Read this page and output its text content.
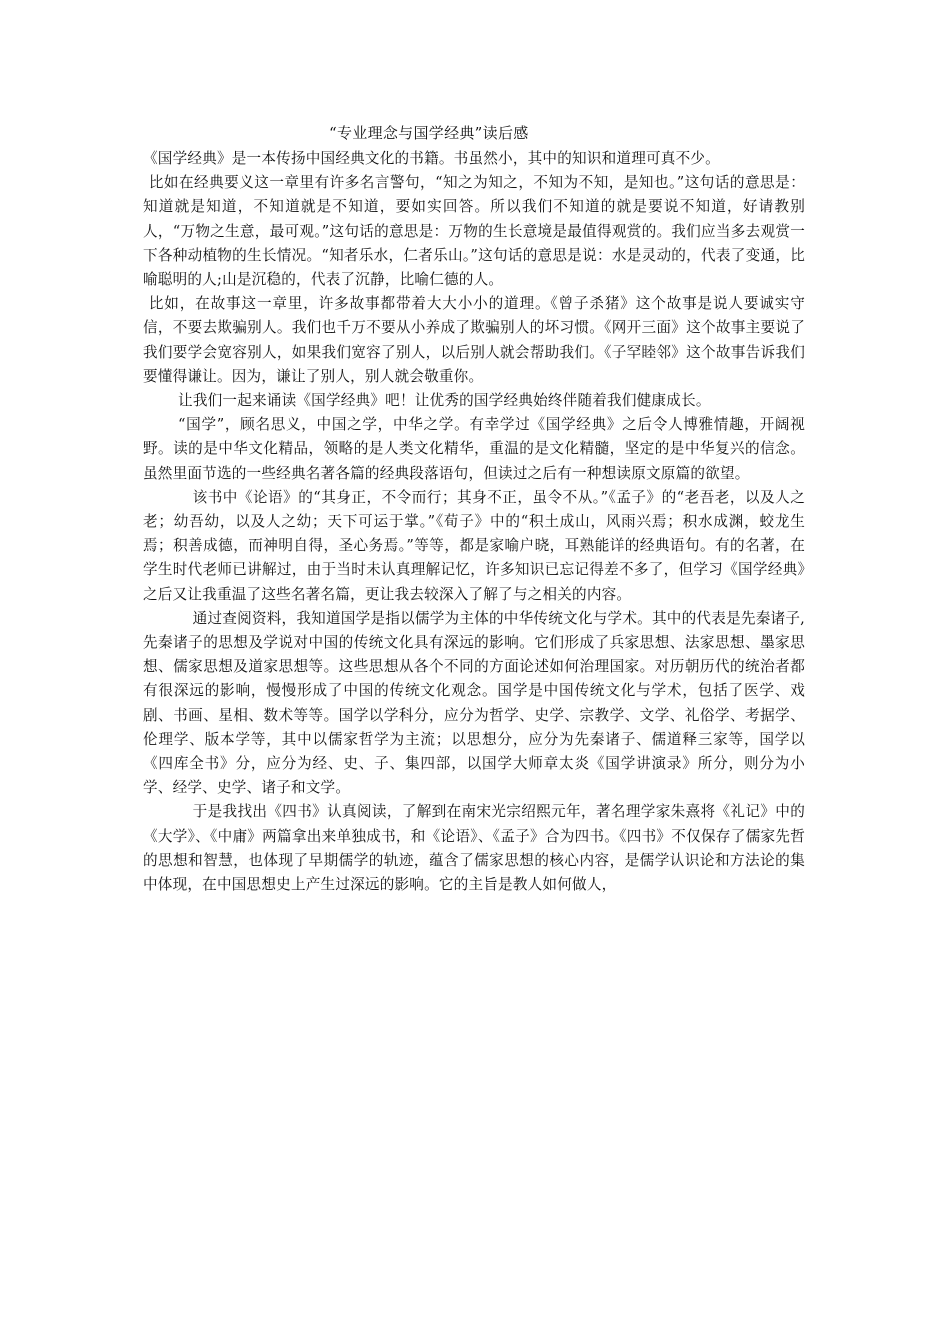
“专业理念与国学经典”读后感

《国学经典》是一本传扬中国经典文化的书籍。书虽然小，其中的知识和道理可真不少。

比如在经典要义这一章里有许多名言警句，“知之为知之，不知为不知，是知也。”这句话的意思是：知道就是知道，不知道就是不知道，要如实回答。所以我们不知道的就是要说不知道，好请教别人，“万物之生意，最可观。”这句话的意思是：万物的生长意境是最值得观赏的。我们应当多去观赏一下各种动植物的生长情况。“知者乐水，仁者乐山。”这句话的意思是说：水是灵动的，代表了变通，比喻聪明的人;山是沉稳的，代表了沉静，比喻仁德的人。

比如，在故事这一章里，许多故事都带着大大小小的道理。《曾子杀猪》这个故事是说人要诚实守信，不要去欺骗别人。我们也千万不要从小养成了欺骗别人的坏习惯。《网开三面》这个故事主要说了我们要学会宽容别人，如果我们宽容了别人，以后别人就会帮助我们。《子罕睦邻》这个故事告诉我们要懂得谦让。因为，谦让了别人，别人就会敬重你。

让我们一起来诵读《国学经典》吧！让优秀的国学经典始终伴随着我们健康成长。

“国学”，顾名思义，中国之学，中华之学。有幸学过《国学经典》之后令人博雅情趣，开阔视野。读的是中华文化精品，领略的是人类文化精华，重温的是文化精髓，坚定的是中华复兴的信念。虽然里面节选的一些经典名著各篇的经典段落语句，但读过之后有一种想读原文原篇的欲望。

该书中《论语》的“其身正，不令而行；其身不正，虽令不从。”《孟子》的“老吾老，以及人之老；幼吾幼，以及人之幼；天下可运于掌。”《荀子》中的“积土成山，风雨兴焉；积水成渊，蛟龙生焉；积善成德，而神明自得，圣心务焉。”等等，都是家喻户晓，耳熟能详的经典语句。有的名著，在学生时代老师已讲解过，由于当时未认真理解记忆，许多知识已忘记得差不多了，但学习《国学经典》之后又让我重温了这些名著名篇，更让我去较深入了解了与之相关的内容。

通过查阅资料，我知道国学是指以儒学为主体的中华传统文化与学术。其中的代表是先秦诸子,先秦诸子的思想及学说对中国的传统文化具有深远的影响。它们形成了兵家思想、法家思想、墨家思想、儒家思想及道家思想等。这些思想从各个不同的方面论述如何治理国家。对历朝历代的统治者都有很深远的影响，慢慢形成了中国的传统文化观念。国学是中国传统文化与学术，包括了医学、戏剧、书画、星相、数术等等。国学以学科分，应分为哲学、史学、宗教学、文学、礼俗学、考据学、伦理学、版本学等，其中以儒家哲学为主流；以思想分，应分为先秦诸子、儒道释三家等，国学以《四库全书》分，应分为经、史、子、集四部，以国学大师章太炎《国学讲演录》所分，则分为小学、经学、史学、诸子和文学。

于是我找出《四书》认真阅读，了解到在南宋光宗绍熙元年，著名理学家朱熹将《礼记》中的《大学》、《中庸》两篇拿出来单独成书，和《论语》、《孟子》合为四书。《四书》不仅保存了儒家先哲的思想和智慧，也体现了早期儒学的轨迹，蕴含了儒家思想的核心内容，是儒学认识论和方法论的集中体现，在中国思想史上产生过深远的影响。它的主旨是教人如何做人，
